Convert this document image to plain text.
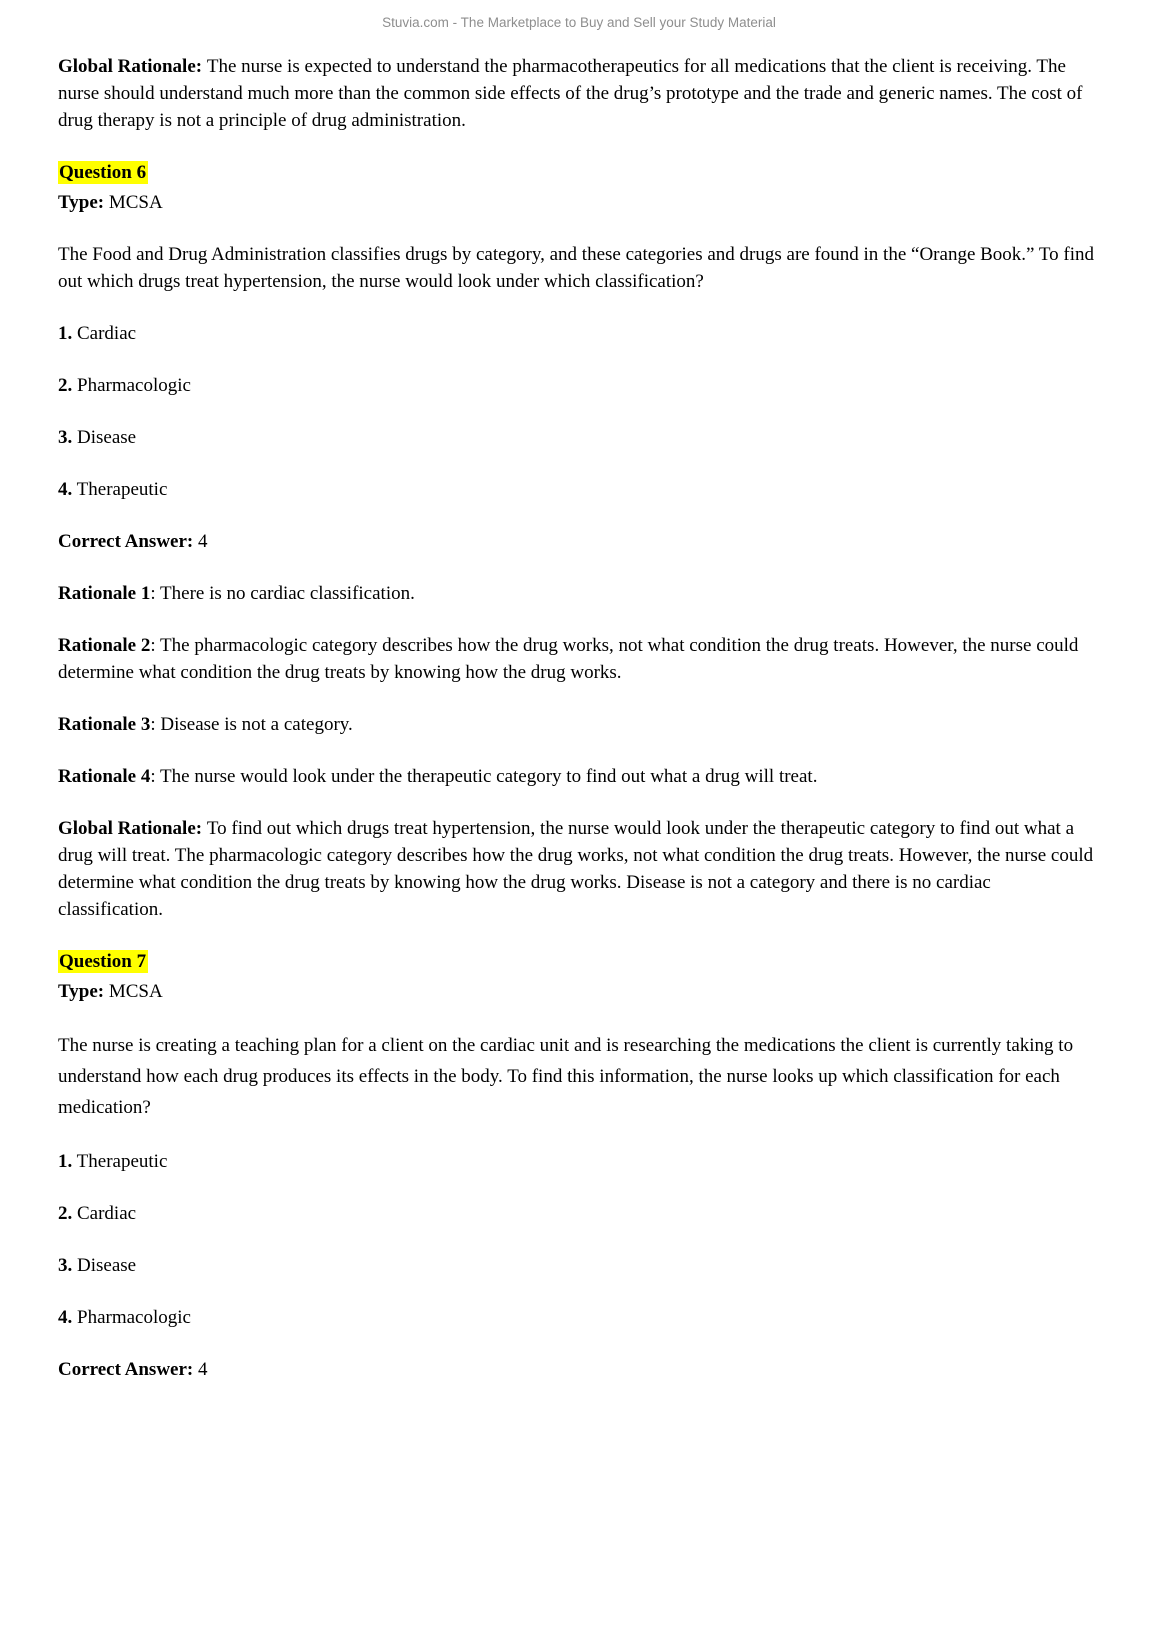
Stuvia.com - The Marketplace to Buy and Sell your Study Material

Global Rationale: The nurse is expected to understand the pharmacotherapeutics for all medications that the client is receiving. The nurse should understand much more than the common side effects of the drug’s prototype and the trade and generic names. The cost of drug therapy is not a principle of drug administration.

Question 6

Type: MCSA

The Food and Drug Administration classifies drugs by category, and these categories and drugs are found in the “Orange Book.” To find out which drugs treat hypertension, the nurse would look under which classification?

1. Cardiac

2. Pharmacologic

3. Disease

4. Therapeutic

Correct Answer: 4

Rationale 1: There is no cardiac classification.

Rationale 2: The pharmacologic category describes how the drug works, not what condition the drug treats. However, the nurse could determine what condition the drug treats by knowing how the drug works.

Rationale 3: Disease is not a category.

Rationale 4: The nurse would look under the therapeutic category to find out what a drug will treat.

Global Rationale: To find out which drugs treat hypertension, the nurse would look under the therapeutic category to find out what a drug will treat. The pharmacologic category describes how the drug works, not what condition the drug treats. However, the nurse could determine what condition the drug treats by knowing how the drug works. Disease is not a category and there is no cardiac classification.

Question 7

Type: MCSA

The nurse is creating a teaching plan for a client on the cardiac unit and is researching the medications the client is currently taking to understand how each drug produces its effects in the body. To find this information, the nurse looks up which classification for each medication?

1. Therapeutic

2. Cardiac

3. Disease

4. Pharmacologic

Correct Answer: 4
